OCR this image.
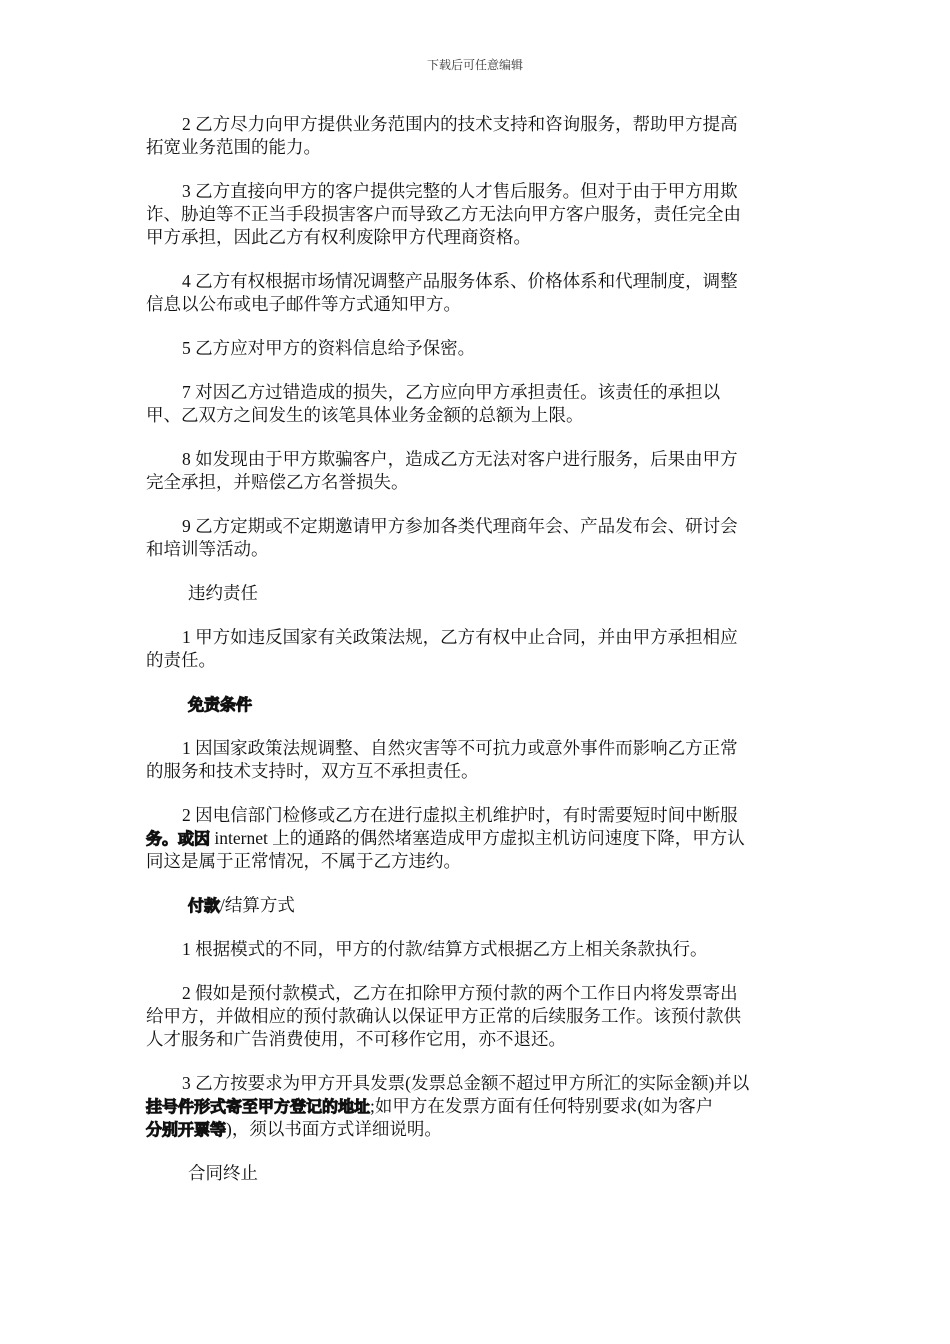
下载后可任意编辑

2 乙方尽力向甲方提供业务范围内的技术支持和咨询服务，帮助甲方提高
拓宽业务范围的能力。

3 乙方直接向甲方的客户提供完整的人才售后服务。但对于由于甲方用欺
诈、胁迫等不正当手段损害客户而导致乙方无法向甲方客户服务，责任完全由
甲方承担，因此乙方有权利废除甲方代理商资格。

4 乙方有权根据市场情况调整产品服务体系、价格体系和代理制度，调整
信息以公布或电子邮件等方式通知甲方。

5 乙方应对甲方的资料信息给予保密。

7 对因乙方过错造成的损失，乙方应向甲方承担责任。该责任的承担以
甲、乙双方之间发生的该笔具体业务金额的总额为上限。

8 如发现由于甲方欺骗客户，造成乙方无法对客户进行服务，后果由甲方
完全承担，并赔偿乙方名誉损失。

9 乙方定期或不定期邀请甲方参加各类代理商年会、产品发布会、研讨会
和培训等活动。

违约责任

1 甲方如违反国家有关政策法规，乙方有权中止合同，并由甲方承担相应
的责任。

免责条件

1 因国家政策法规调整、自然灾害等不可抗力或意外事件而影响乙方正常
的服务和技术支持时，双方互不承担责任。

2 因电信部门检修或乙方在进行虚拟主机维护时，有时需要短时间中断服
务。或因 internet 上的通路的偶然堵塞造成甲方虚拟主机访问速度下降，甲方认
同这是属于正常情况，不属于乙方违约。

付款/结算方式

1 根据模式的不同，甲方的付款/结算方式根据乙方上相关条款执行。

2 假如是预付款模式，乙方在扣除甲方预付款的两个工作日内将发票寄出
给甲方，并做相应的预付款确认以保证甲方正常的后续服务工作。该预付款供
人才服务和广告消费使用，不可移作它用，亦不退还。

3 乙方按要求为甲方开具发票(发票总金额不超过甲方所汇的实际金额)并以
挂号件形式寄至甲方登记的地址;如甲方在发票方面有任何特别要求(如为客户
分别开票等)，须以书面方式详细说明。

合同终止
